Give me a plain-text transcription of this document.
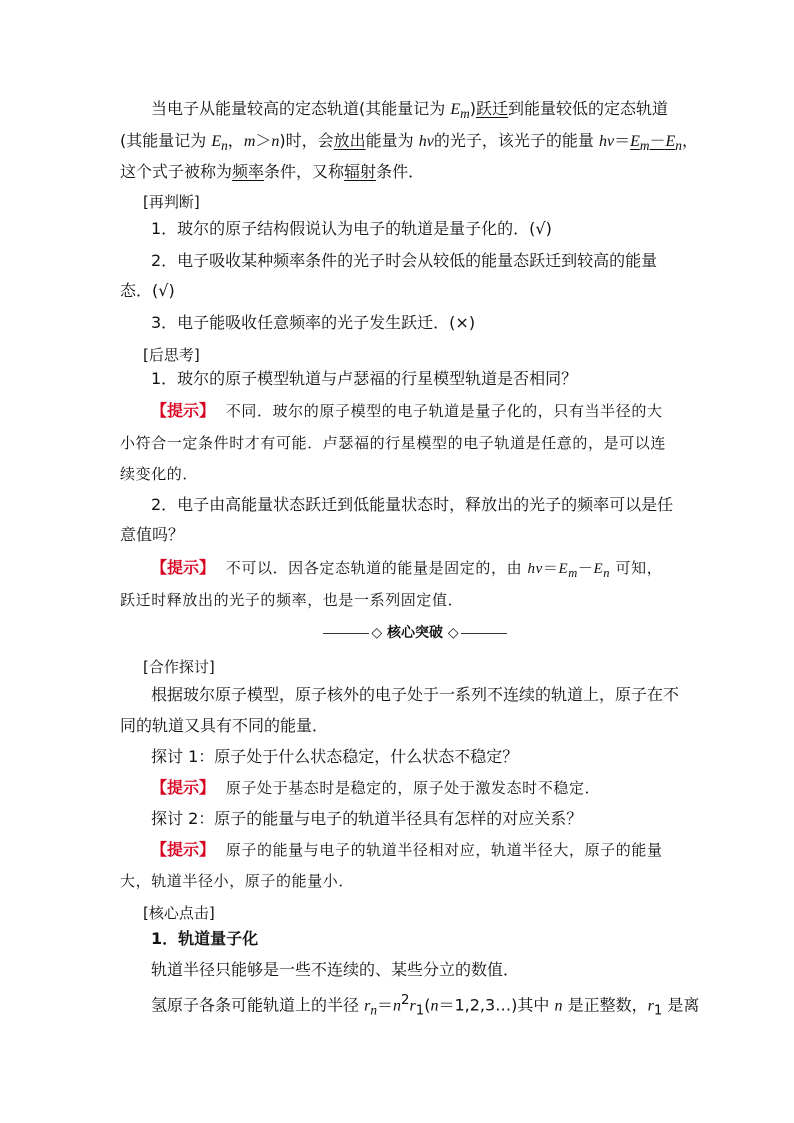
当电子从能量较高的定态轨道(其能量记为 $E_m$)跃迁到能量较低的定态轨道
(其能量记为 $E_n$，m＞n)时，会放出能量为 hν的光子，该光子的能量 $h\nu=E_m-E_n$，
这个式子被称为频率条件，又称辐射条件．
[再判断]
1．玻尔的原子结构假说认为电子的轨道是量子化的．(√)
2．电子吸收某种频率条件的光子时会从较低的能量态跃迁到较高的能量
态．(√)
3．电子能吸收任意频率的光子发生跃迁．(×)
[后思考]
1．玻尔的原子模型轨道与卢瑟福的行星模型轨道是否相同？
【提示】 不同．玻尔的原子模型的电子轨道是量子化的，只有当半径的大
小符合一定条件时才有可能．卢瑟福的行星模型的电子轨道是任意的，是可以连
续变化的．
2．电子由高能量状态跃迁到低能量状态时，释放出的光子的频率可以是任
意值吗？
【提示】 不可以．因各定态轨道的能量是固定的，由 $h\nu=E_m-E_n$ 可知，
跃迁时释放出的光子的频率，也是一系列固定值．
◇ 核心突破 ◇
[合作探讨]
根据玻尔原子模型，原子核外的电子处于一系列不连续的轨道上，原子在不
同的轨道又具有不同的能量．
探讨 1：原子处于什么状态稳定，什么状态不稳定？
【提示】 原子处于基态时是稳定的，原子处于激发态时不稳定．
探讨 2：原子的能量与电子的轨道半径具有怎样的对应关系？
【提示】 原子的能量与电子的轨道半径相对应，轨道半径大，原子的能量
大，轨道半径小，原子的能量小．
[核心点击]
1．轨道量子化
轨道半径只能够是一些不连续的、某些分立的数值．
氢原子各条可能轨道上的半径 $r_n=n^2r_1(n=1,2,3\dots)$其中 n 是正整数，$r_1$ 是离
